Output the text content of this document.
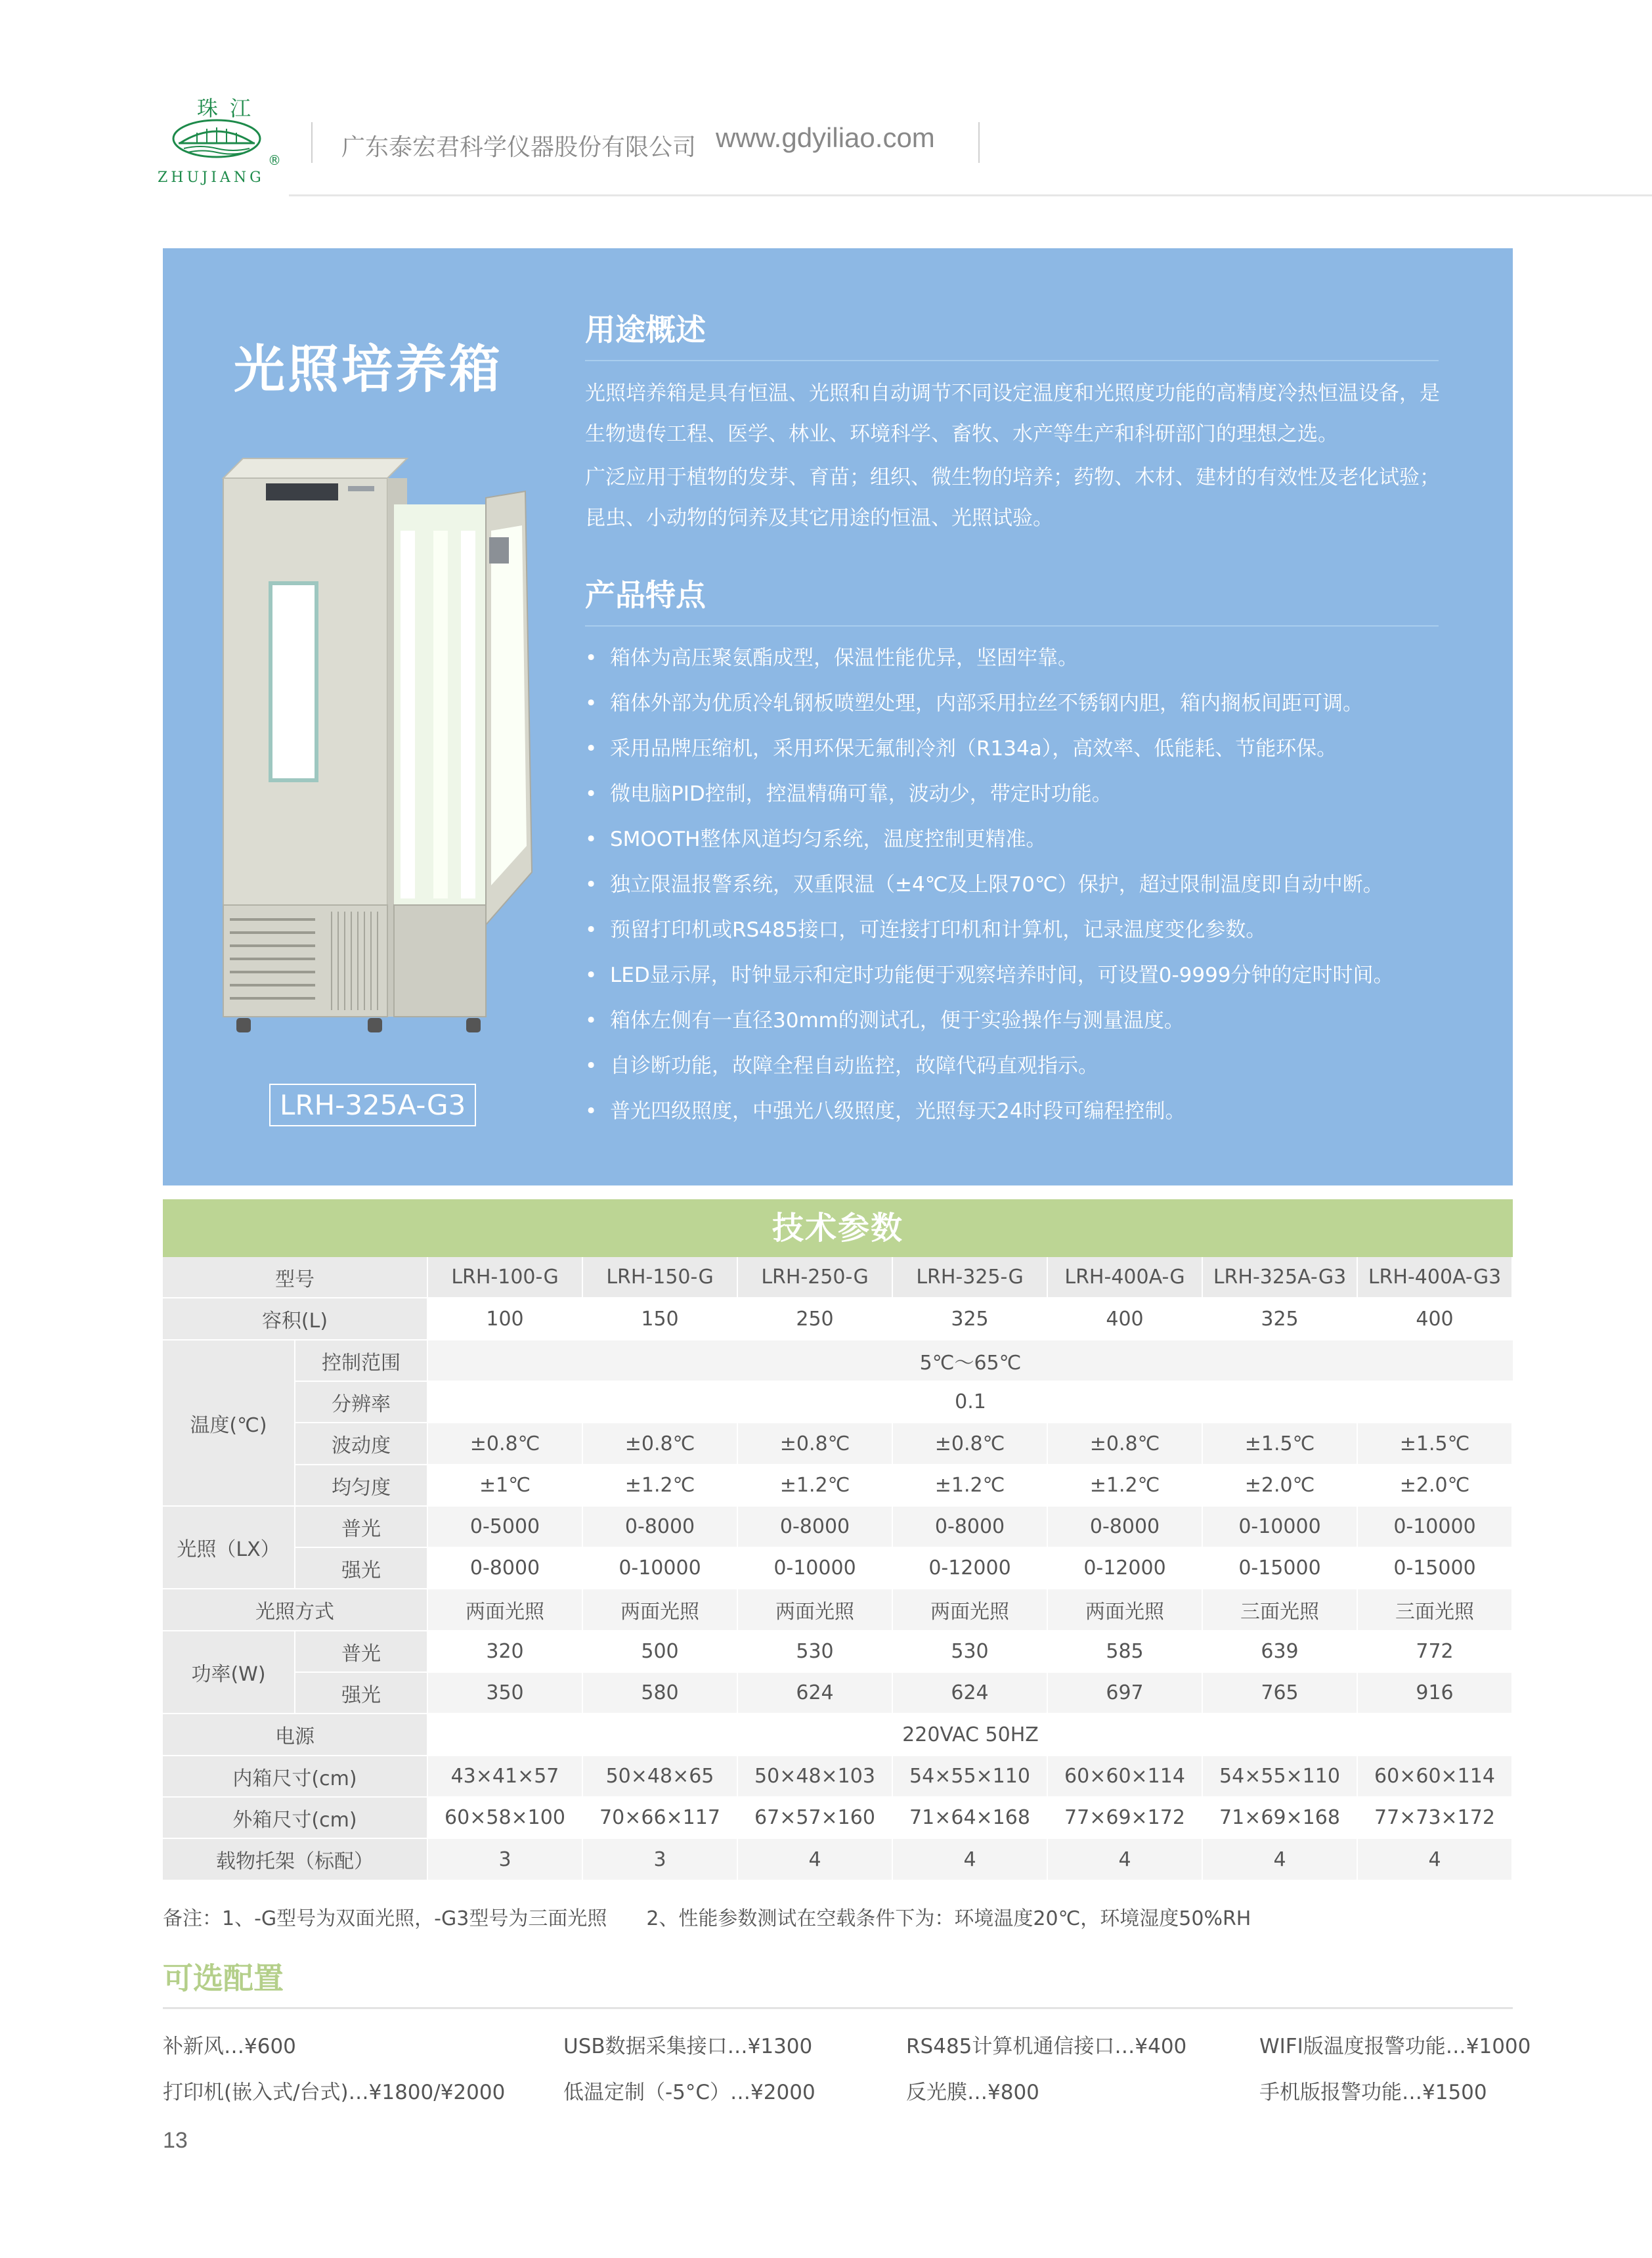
珠江
®
ZHUJIANG
广东泰宏君科学仪器股份有限公司 www.gdyiliao.com
光照培养箱
LRH-325A-G3
用途概述
光照培养箱是具有恒温、光照和自动调节不同设定温度和光照度功能的高精度冷热恒温设备，是生物遗传工程、医学、林业、环境科学、畜牧、水产等生产和科研部门的理想之选。
广泛应用于植物的发芽、育苗；组织、微生物的培养；药物、木材、建材的有效性及老化试验；昆虫、小动物的饲养及其它用途的恒温、光照试验。
产品特点
• 箱体为高压聚氨酯成型，保温性能优异，坚固牢靠。
• 箱体外部为优质冷轧钢板喷塑处理，内部采用拉丝不锈钢内胆，箱内搁板间距可调。
• 采用品牌压缩机，采用环保无氟制冷剂（R134a），高效率、低能耗、节能环保。
• 微电脑PID控制，控温精确可靠，波动少，带定时功能。
• SMOOTH整体风道均匀系统，温度控制更精准。
• 独立限温报警系统，双重限温（±4℃及上限70℃）保护，超过限制温度即自动中断。
• 预留打印机或RS485接口，可连接打印机和计算机，记录温度变化参数。
• LED显示屏，时钟显示和定时功能便于观察培养时间，可设置0-9999分钟的定时时间。
• 箱体左侧有一直径30mm的测试孔，便于实验操作与测量温度。
• 自诊断功能，故障全程自动监控，故障代码直观指示。
• 普光四级照度，中强光八级照度，光照每天24时段可编程控制。
技术参数
型号	LRH-100-G	LRH-150-G	LRH-250-G	LRH-325-G	LRH-400A-G	LRH-325A-G3	LRH-400A-G3
容积(L)	100	150	250	325	400	325	400
温度(℃)
控制范围	5℃～65℃
分辨率	0.1
波动度	±0.8℃	±0.8℃	±0.8℃	±0.8℃	±0.8℃	±1.5℃	±1.5℃
均匀度	±1℃	±1.2℃	±1.2℃	±1.2℃	±1.2℃	±2.0℃	±2.0℃
光照（LX）
普光	0-5000	0-8000	0-8000	0-8000	0-8000	0-10000	0-10000
强光	0-8000	0-10000	0-10000	0-12000	0-12000	0-15000	0-15000
光照方式	两面光照	两面光照	两面光照	两面光照	两面光照	三面光照	三面光照
功率(W)
普光	320	500	530	530	585	639	772
强光	350	580	624	624	697	765	916
电源	220VAC 50HZ
内箱尺寸(cm)	43×41×57	50×48×65	50×48×103	54×55×110	60×60×114	54×55×110	60×60×114
外箱尺寸(cm)	60×58×100	70×66×117	67×57×160	71×64×168	77×69×172	71×69×168	77×73×172
载物托架（标配）	3	3	4	4	4	4	4
备注：1、-G型号为双面光照，-G3型号为三面光照　　2、性能参数测试在空载条件下为：环境温度20℃，环境湿度50%RH
可选配置
补新风…¥600	USB数据采集接口…¥1300	RS485计算机通信接口…¥400	WIFI版温度报警功能…¥1000
打印机(嵌入式/台式)…¥1800/¥2000	低温定制（-5°C）…¥2000	反光膜…¥800	手机版报警功能…¥1500
13
